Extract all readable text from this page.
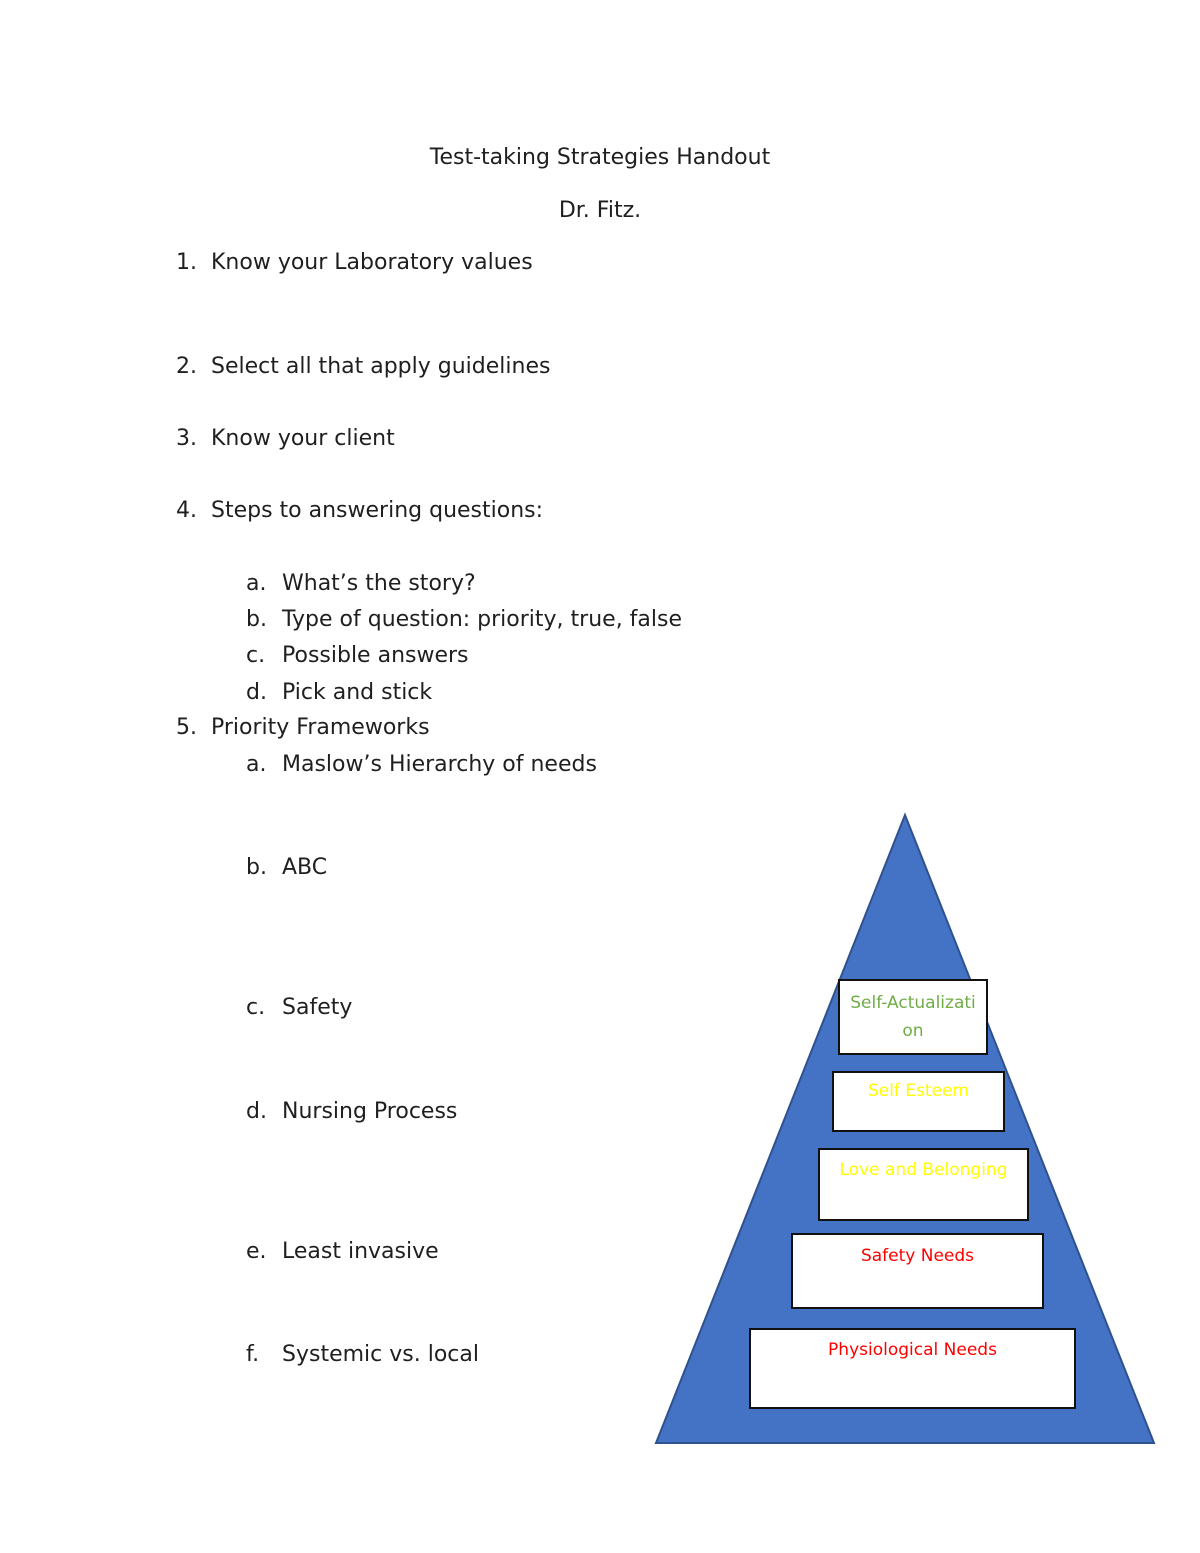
Test-taking Strategies Handout
Dr. Fitz.
1. Know your Laboratory values
2. Select all that apply guidelines
3. Know your client
4. Steps to answering questions:
a. What’s the story?
b. Type of question: priority, true, false
c. Possible answers
d. Pick and stick
5. Priority Frameworks
a. Maslow’s Hierarchy of needs
b. ABC
c. Safety
d. Nursing Process
e. Least invasive
f. Systemic vs. local
Self-Actualization
Self Esteem
Love and Belonging
Safety Needs
Physiological Needs
